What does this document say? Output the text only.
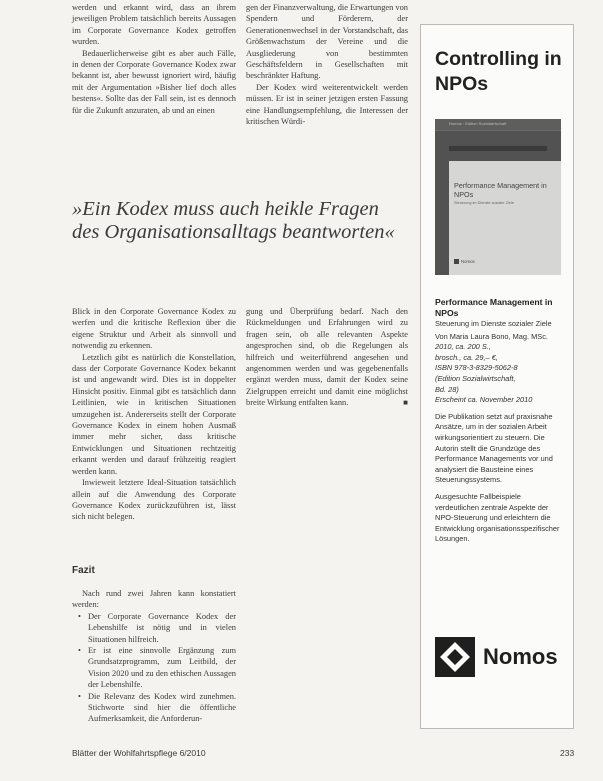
werden und erkannt wird, dass an ihrem jeweiligen Problem tatsächlich bereits Aussagen im Corporate Governance Kodex getroffen wurden.

Bedauerlicherweise gibt es aber auch Fälle, in denen der Corporate Governance Kodex zwar bekannt ist, aber bewusst ignoriert wird, häufig mit der Argumentation »Bisher lief doch alles bestens«. Sollte das der Fall sein, ist es dennoch für die Zukunft anzuraten, ab und an einen

gen der Finanzverwaltung, die Erwartungen von Spendern und Förderern, der Generationenwechsel in der Vorstandschaft, das Größenwachstum der Vereine und die Ausgliederung von bestimmten Geschäftsfeldern in Gesellschaften mit beschränkter Haftung.

Der Kodex wird weiterentwickelt werden müssen. Er ist in seiner jetzigen ersten Fassung eine Handlungsempfehlung, die Interessen der kritischen Würdi-

»Ein Kodex muss auch heikle Fragen des Organisationsalltags beantworten«

Blick in den Corporate Governance Kodex zu werfen und die kritische Reflexion über die eigene Struktur und Arbeit als sinnvoll und notwendig zu erkennen.

Letztlich gibt es natürlich die Konstellation, dass der Corporate Governance Kodex bekannt ist und angewandt wird. Dies ist in doppelter Hinsicht positiv. Einmal gibt es tatsächlich dann Leitlinien, wie in kritischen Situationen umzugehen ist. Andererseits stellt der Corporate Governance Kodex in einem hohen Ausmaß immer mehr sicher, dass kritische Entwicklungen und Situationen rechtzeitig erkannt werden und darauf frühzeitig reagiert werden kann.

Inwieweit letztere Ideal-Situation tatsächlich allein auf die Anwendung des Corporate Governance Kodex zurückzuführen ist, lässt sich nicht belegen.

gung und Überprüfung bedarf. Nach den Rückmeldungen und Erfahrungen wird zu fragen sein, ob alle relevanten Aspekte angesprochen sind, ob die Regelungen als hilfreich und weiterführend angesehen und angenommen werden und was gegebenenfalls ergänzt werden muss, damit der Kodex seine Zielgruppen erreicht und damit eine möglichst breite Wirkung entfalten kann.	■

Fazit

Nach rund zwei Jahren kann konstatiert werden:

• Der Corporate Governance Kodex der Lebenshilfe ist nötig und in vielen Situationen hilfreich.
• Er ist eine sinnvolle Ergänzung zum Grundsatzprogramm, zum Leitbild, der Vision 2020 und zu den ethischen Aussagen der Lebenshilfe.
• Die Relevanz des Kodex wird zunehmen. Stichworte sind hier die öffentliche Aufmerksamkeit, die Anforderun-
Controlling in NPOs
Nomos · Edition Sozialwirtschaft
Performance Management in NPOs
Steuerung im Dienste sozialer Ziele
Nomos
Performance Management in NPOs
Steuerung im Dienste sozialer Ziele
Von Maria Laura Bono, Mag. MSc.
2010, ca. 200 S.,
brosch., ca. 29,– €,
ISBN 978-3-8329-5062-8
(Edition Sozialwirtschaft,
Bd. 28)
Erscheint ca. November 2010
Die Publikation setzt auf praxisnahe Ansätze, um in der sozialen Arbeit wirkungsorientiert zu steuern. Die Autorin stellt die Grundzüge des Performance Managements vor und analysiert die Bausteine eines Steuerungssystems.
Ausgesuchte Fallbeispiele verdeutlichen zentrale Aspekte der NPO-Steuerung und erleichtern die Entwicklung organisationsspezifischer Lösungen.
Nomos
Blätter der Wohlfahrtspflege 6/2010	233
